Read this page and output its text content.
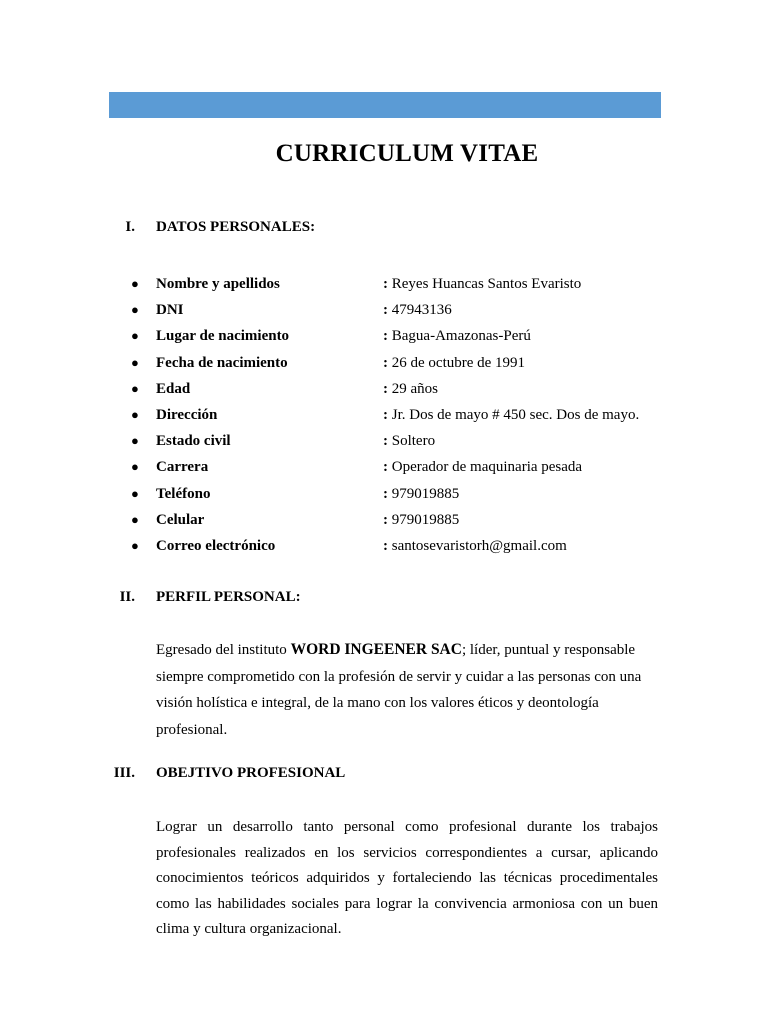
CURRICULUM VITAE
I. DATOS PERSONALES:
● Nombre y apellidos	: Reyes Huancas Santos Evaristo
● DNI	: 47943136
● Lugar de nacimiento	: Bagua-Amazonas-Perú
● Fecha de nacimiento	: 26 de octubre de 1991
● Edad	: 29 años
● Dirección	: Jr. Dos de mayo # 450 sec. Dos de mayo.
● Estado civil	: Soltero
● Carrera	: Operador de maquinaria pesada
● Teléfono	: 979019885
● Celular	: 979019885
● Correo electrónico	: santosevaristorh@gmail.com
II. PERFIL PERSONAL:

Egresado del instituto WORD INGEENER SAC; líder, puntual y responsable siempre comprometido con la profesión de servir y cuidar a las personas con una visión holística e integral, de la mano con los valores éticos y deontología profesional.

III. OBEJTIVO PROFESIONAL

Lograr un desarrollo tanto personal como profesional durante los trabajos profesionales realizados en los servicios correspondientes a cursar, aplicando conocimientos teóricos adquiridos y fortaleciendo las técnicas procedimentales como las habilidades sociales para lograr la convivencia armoniosa con un buen clima y cultura organizacional.
